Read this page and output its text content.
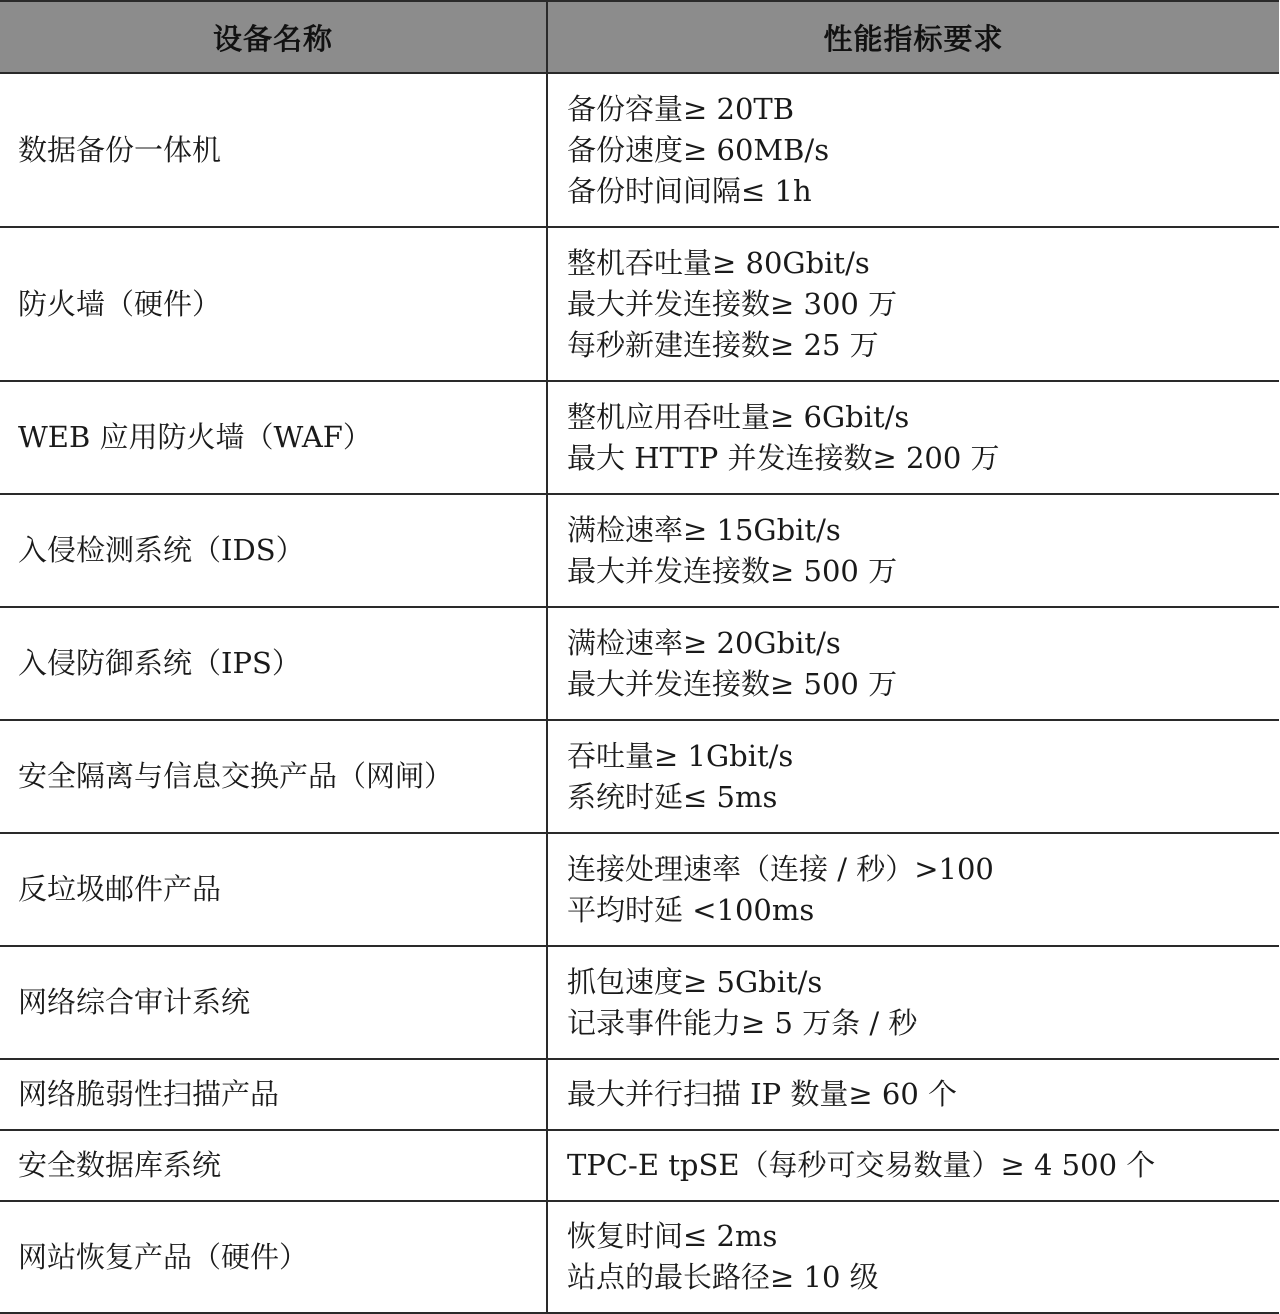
设备名称	性能指标要求
数据备份一体机	备份容量≥ 20TB
备份速度≥ 60MB/s
备份时间间隔≤ 1h

防火墙（硬件）	整机吞吐量≥ 80Gbit/s
最大并发连接数≥ 300 万
每秒新建连接数≥ 25 万

WEB 应用防火墙（WAF）	整机应用吞吐量≥ 6Gbit/s
最大 HTTP 并发连接数≥ 200 万

入侵检测系统（IDS）	满检速率≥ 15Gbit/s
最大并发连接数≥ 500 万

入侵防御系统（IPS）	满检速率≥ 20Gbit/s
最大并发连接数≥ 500 万

安全隔离与信息交换产品（网闸）	吞吐量≥ 1Gbit/s
系统时延≤ 5ms

反垃圾邮件产品	连接处理速率（连接 / 秒）>100
平均时延 <100ms

网络综合审计系统	抓包速度≥ 5Gbit/s
记录事件能力≥ 5 万条 / 秒

网络脆弱性扫描产品	最大并行扫描 IP 数量≥ 60 个

安全数据库系统	TPC-E tpSE（每秒可交易数量）≥ 4 500 个

网站恢复产品（硬件）	恢复时间≤ 2ms
站点的最长路径≥ 10 级
